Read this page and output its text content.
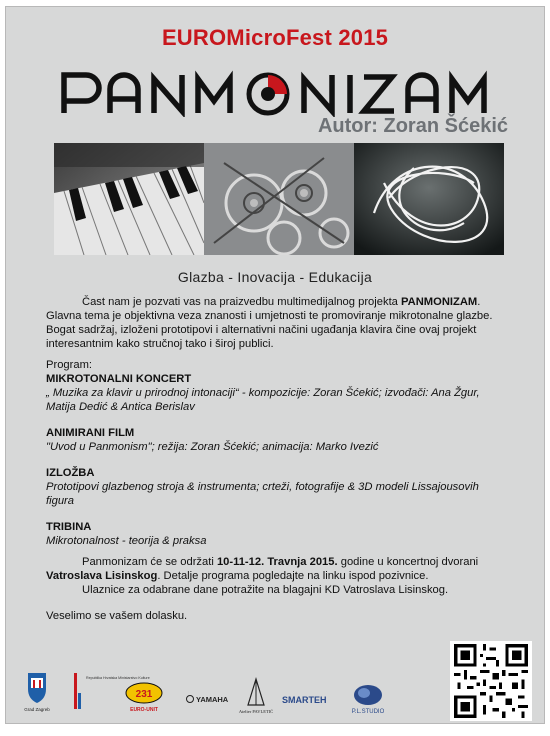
EUROMicroFest 2015
Autor: Zoran Šćekić
Glazba - Inovacija - Edukacija

Čast nam je pozvati vas na praizvedbu multimedijalnog projekta PANMONIZAM. Glavna tema je objektivna veza znanosti i umjetnosti te promoviranje mikrotonalne glazbe. Bogat sadržaj, izloženi prototipovi i alternativni načini ugađanja klavira čine ovaj projekt interesantnim kako stručnoj tako i široj publici.

Program:

MIKROTONALNI KONCERT

„ Muzika za klavir u prirodnoj intonaciji“ - kompozicije: Zoran Šćekić; izvođači: Ana Žgur, Matija Dedić & Antica Berislav

ANIMIRANI FILM

"Uvod u Panmonism"; režija: Zoran Šćekić; animacija: Marko Ivezić

IZLOŽBA

Prototipovi glazbenog stroja & instrumenta; crteži, fotografije & 3D modeli Lissajousovih figura

TRIBINA

Mikrotonalnost - teorija & praksa

Panmonizam će se održati 10-11-12. Travnja 2015. godine u koncertnoj dvorani
Vatroslava Lisinskog. Detalje programa pogledajte na linku ispod pozivnice.

Ulaznice za odabrane dane potražite na blagajni KD Vatroslava Lisinskog.

Veselimo se vašem dolasku.

Grad Zagreb
Republika Hrvatska Ministarstvo Kulture
231
EURO-UNIT
YAMAHA
Atelier PAVLETIĆ
SMARTEH
P.L.STUDIO
